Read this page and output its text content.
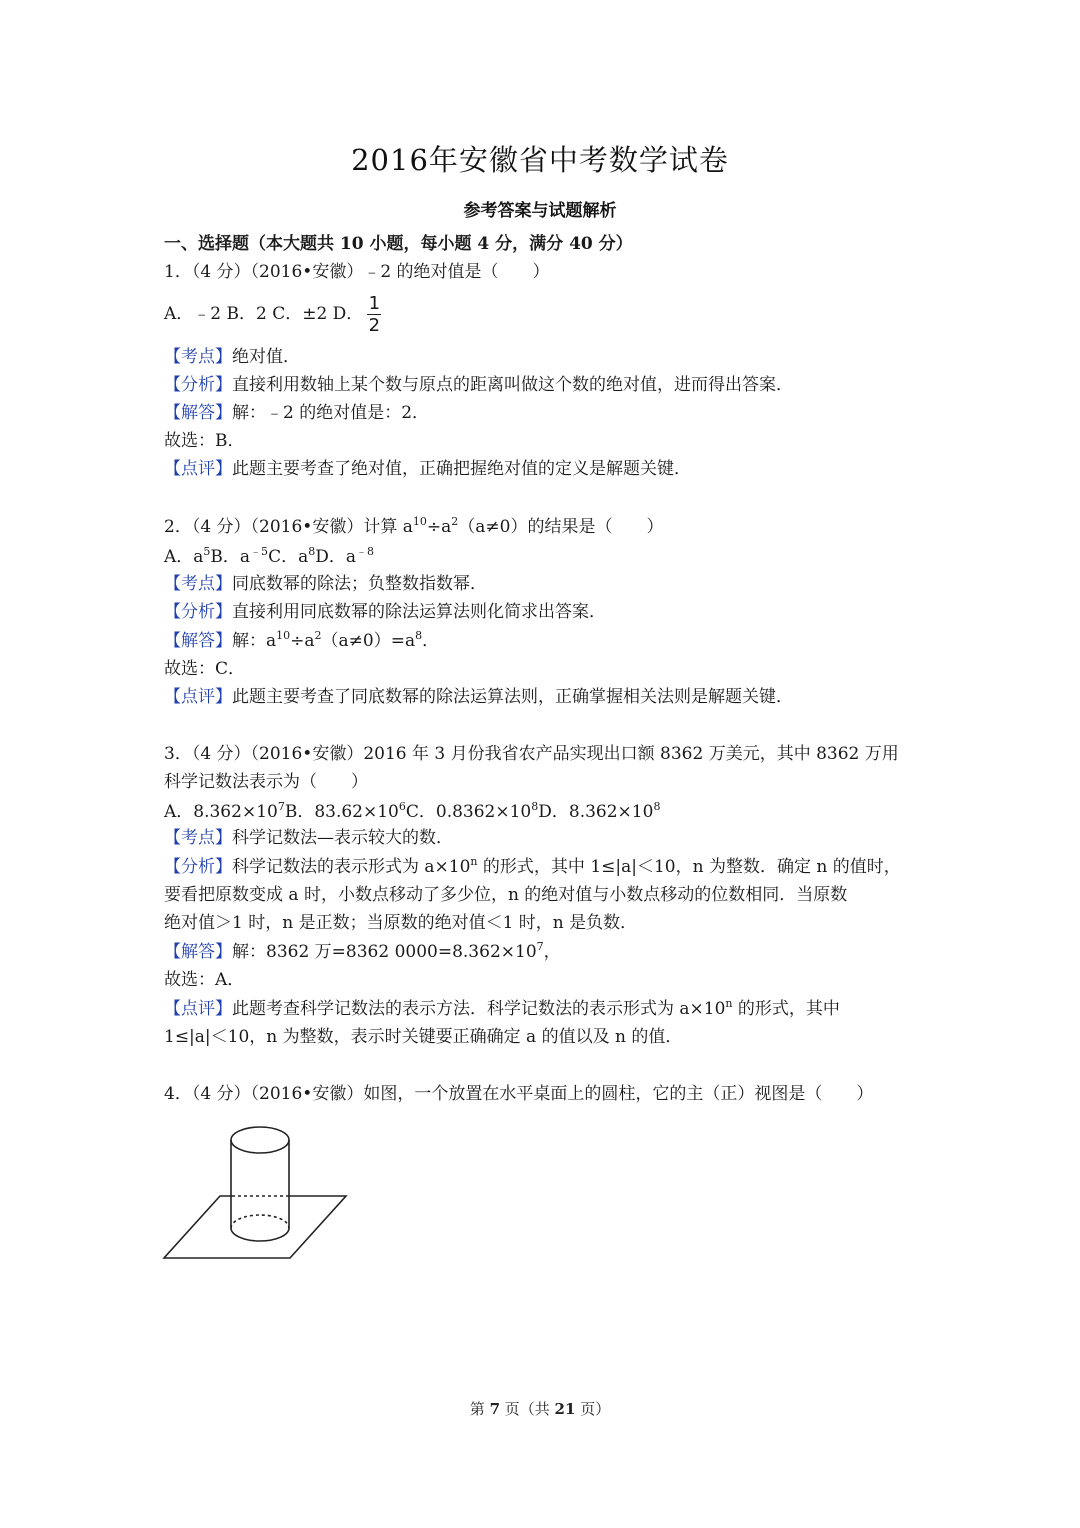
2016年安徽省中考数学试卷
参考答案与试题解析
一、选择题（本大题共 10 小题，每小题 4 分，满分 40 分）
1．（4 分）（2016•安徽）﹣2 的绝对值是（　　）
A．﹣2 B．2 C．±2 D． $\frac{1}{2}$
【考点】绝对值．
【分析】直接利用数轴上某个数与原点的距离叫做这个数的绝对值，进而得出答案．
【解答】解：﹣2 的绝对值是：2．
故选：B．
【点评】此题主要考查了绝对值，正确把握绝对值的定义是解题关键．
2．（4 分）（2016•安徽）计算 $a^{10}\div a^2(a\ne 0)$的结果是（　　）
A．$a^5B$．$a^{﹣5}C$．$a^8D$．$a^{﹣8}$
【考点】同底数幂的除法；负整数指数幂．
【分析】直接利用同底数幂的除法运算法则化简求出答案．
【解答】解：$a^{10}\div a^2(a\ne 0)=a^8$．
故选：C．
【点评】此题主要考查了同底数幂的除法运算法则，正确掌握相关法则是解题关键．
3．（4 分）（2016•安徽）2016 年 3 月份我省农产品实现出口额 8362 万美元，其中 8362 万用
科学记数法表示为（　　）
A．$8.362\times 10^7B$．$83.62\times 10^6C$．$0.8362\times 10^8D$．$8.362\times 10^8$
【考点】科学记数法—表示较大的数．
【分析】科学记数法的表示形式为 $a\times 10^n$ 的形式，其中 1≤|a|＜10，n 为整数．确定 n 的值时，
要看把原数变成 a 时，小数点移动了多少位，n 的绝对值与小数点移动的位数相同．当原数
绝对值＞1 时，n 是正数；当原数的绝对值＜1 时，n 是负数．
【解答】解：8362 万=8362 $0000=8.362\times 10^7$，
故选：A．
【点评】此题考查科学记数法的表示方法．科学记数法的表示形式为 $a\times 10^n$ 的形式，其中
1≤|a|＜10，n 为整数，表示时关键要正确确定 a 的值以及 n 的值．
4．（4 分）（2016•安徽）如图，一个放置在水平桌面上的圆柱，它的主（正）视图是（　　）
第 7 页（共 21 页）
